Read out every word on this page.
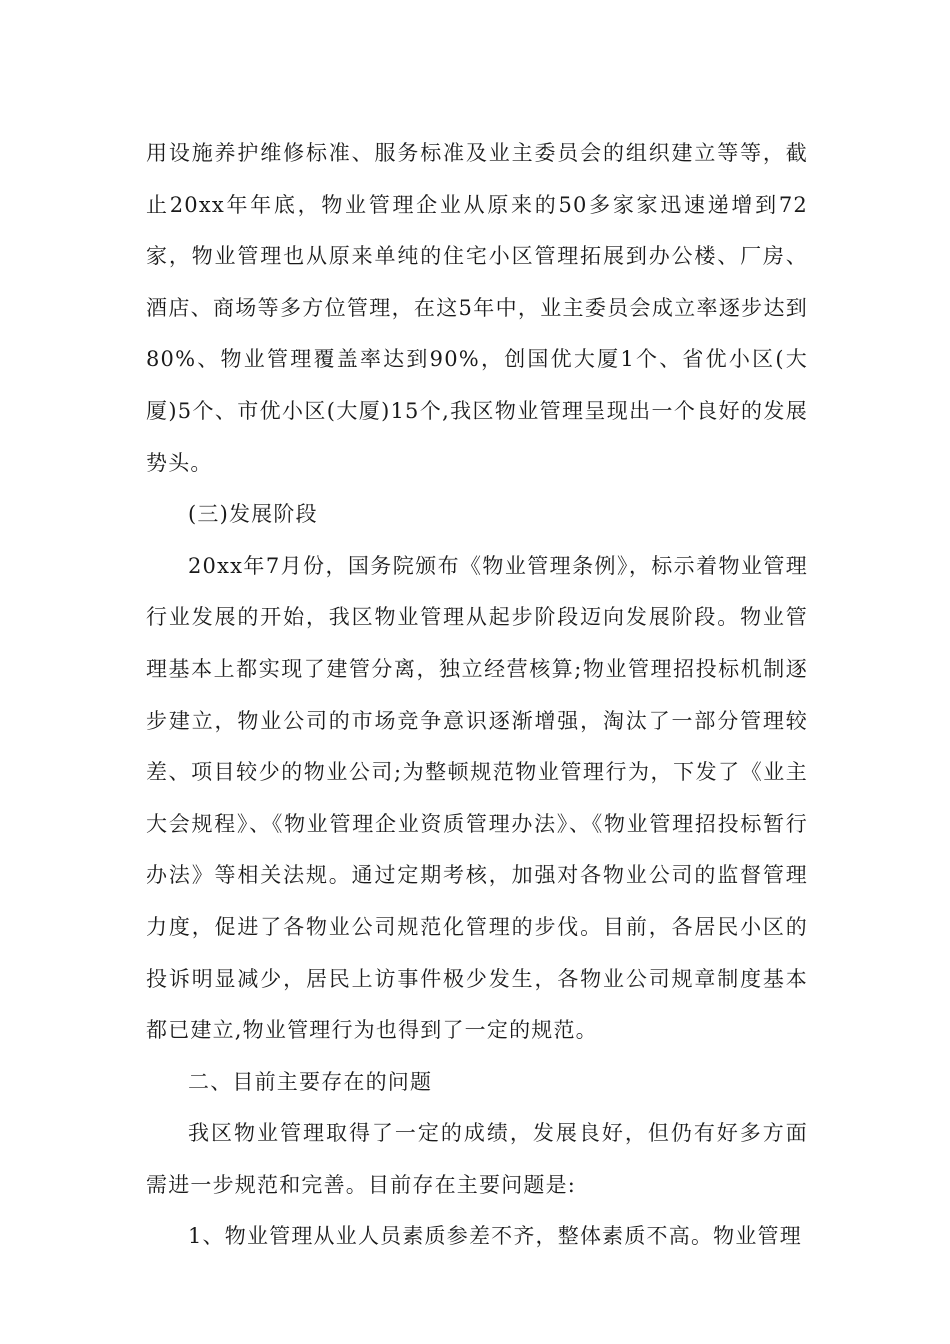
用设施养护维修标准、服务标准及业主委员会的组织建立等等，截止20xx年年底，物业管理企业从原来的50多家家迅速递增到72家，物业管理也从原来单纯的住宅小区管理拓展到办公楼、厂房、酒店、商场等多方位管理，在这5年中，业主委员会成立率逐步达到80%、物业管理覆盖率达到90%，创国优大厦1个、省优小区(大厦)5个、市优小区(大厦)15个,我区物业管理呈现出一个良好的发展势头。

(三)发展阶段

20xx年7月份，国务院颁布《物业管理条例》，标示着物业管理行业发展的开始，我区物业管理从起步阶段迈向发展阶段。物业管理基本上都实现了建管分离，独立经营核算;物业管理招投标机制逐步建立，物业公司的市场竞争意识逐渐增强，淘汰了一部分管理较差、项目较少的物业公司;为整顿规范物业管理行为，下发了《业主大会规程》、《物业管理企业资质管理办法》、《物业管理招投标暂行办法》等相关法规。通过定期考核，加强对各物业公司的监督管理力度，促进了各物业公司规范化管理的步伐。目前，各居民小区的投诉明显减少，居民上访事件极少发生，各物业公司规章制度基本都已建立,物业管理行为也得到了一定的规范。

二、目前主要存在的问题

我区物业管理取得了一定的成绩，发展良好，但仍有好多方面需进一步规范和完善。目前存在主要问题是:

1、物业管理从业人员素质参差不齐，整体素质不高。物业管理
